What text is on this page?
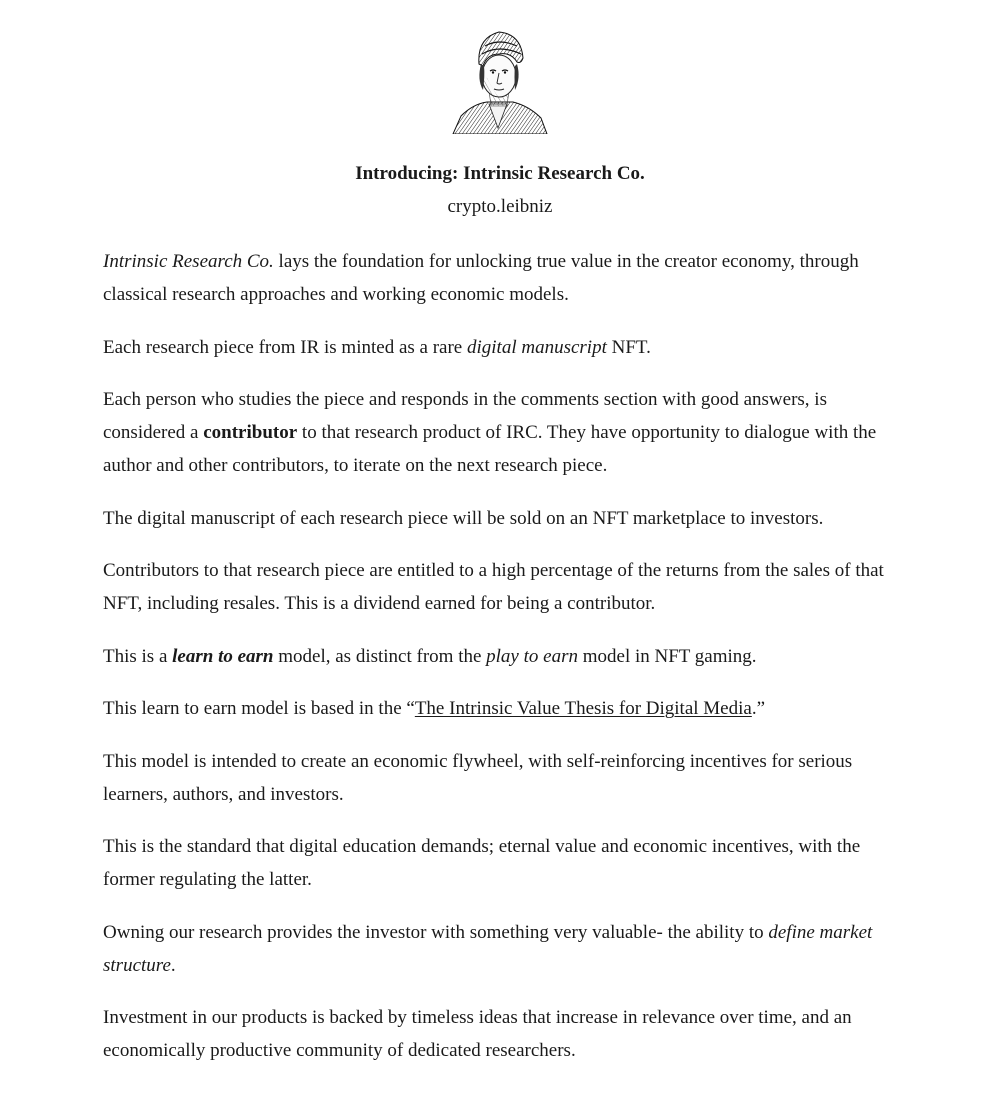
Introducing: Intrinsic Research Co.
crypto.leibniz

Intrinsic Research Co. lays the foundation for unlocking true value in the creator economy, through classical research approaches and working economic models.

Each research piece from IR is minted as a rare digital manuscript NFT.

Each person who studies the piece and responds in the comments section with good answers, is considered a contributor to that research product of IRC. They have opportunity to dialogue with the author and other contributors, to iterate on the next research piece.

The digital manuscript of each research piece will be sold on an NFT marketplace to investors.

Contributors to that research piece are entitled to a high percentage of the returns from the sales of that NFT, including resales. This is a dividend earned for being a contributor.

This is a learn to earn model, as distinct from the play to earn model in NFT gaming.

This learn to earn model is based in the “The Intrinsic Value Thesis for Digital Media.”

This model is intended to create an economic flywheel, with self-reinforcing incentives for serious learners, authors, and investors.

This is the standard that digital education demands; eternal value and economic incentives, with the former regulating the latter.

Owning our research provides the investor with something very valuable- the ability to define market structure.

Investment in our products is backed by timeless ideas that increase in relevance over time, and an economically productive community of dedicated researchers.
